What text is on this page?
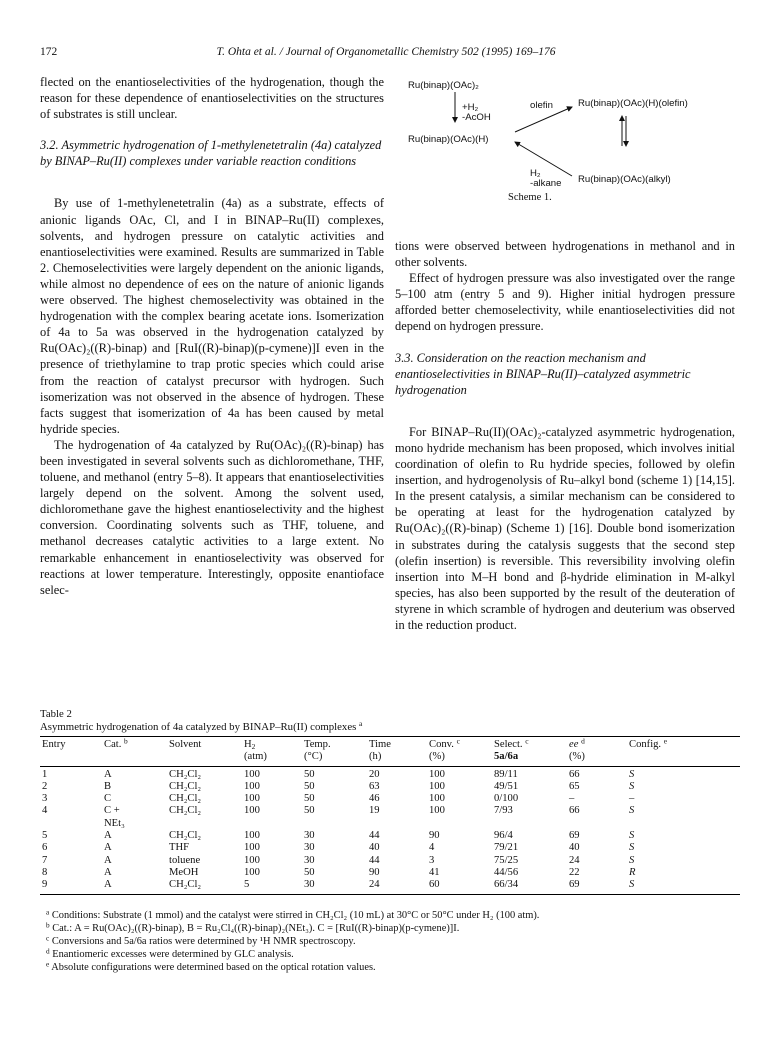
172	T. Ohta et al. / Journal of Organometallic Chemistry 502 (1995) 169–176

flected on the enantioselectivities of the hydrogenation, though the reason for these dependence of enantioselectivities on the structures of substrates is still unclear.

3.2. Asymmetric hydrogenation of 1-methylenetetralin (4a) catalyzed by BINAP–Ru(II) complexes under variable reaction conditions

By use of 1-methylenetetralin (4a) as a substrate, effects of anionic ligands OAc, Cl, and I in BINAP–Ru(II) complexes, solvents, and hydrogen pressure on catalytic activities and enantioselectivities were examined. Results are summarized in Table 2. Chemoselectivities were largely dependent on the anionic ligands, while almost no dependence of ees on the nature of anionic ligands were observed. The highest chemoselectivity was obtained in the hydrogenation with the complex bearing acetate ions. Isomerization of 4a to 5a was observed in the hydrogenation catalyzed by Ru(OAc)₂((R)-binap) and [RuI((R)-binap)(p-cymene)]I even in the presence of triethylamine to trap protic species which could arise from the reaction of catalyst precursor with hydrogen. Such isomerization was not observed in the absence of hydrogen. These facts suggest that isomerization of 4a has been caused by metal hydride species.

The hydrogenation of 4a catalyzed by Ru(OAc)₂((R)-binap) has been investigated in several solvents such as dichloromethane, THF, toluene, and methanol (entry 5–8). It appears that enantioselectivities largely depend on the solvent. Among the solvent used, dichloromethane gave the highest enantioselectivity and the highest conversion. Coordinating solvents such as THF, toluene, and methanol decreases catalytic activities to a large extent. No remarkable enhancement in enantioselectivity was observed for reactions at lower temperature. Interestingly, opposite enantioface selec-

Ru(binap)(OAc)₂
+H₂
-AcOH
Ru(binap)(OAc)(H)
olefin	Ru(binap)(OAc)(H)(olefin)
H₂
-alkane Ru(binap)(OAc)(alkyl)
Scheme 1.

tions were observed between hydrogenations in methanol and in other solvents.

Effect of hydrogen pressure was also investigated over the range 5–100 atm (entry 5 and 9). Higher initial hydrogen pressure afforded better chemoselectivity, while enantioselectivities did not depend on hydrogen pressure.

3.3. Consideration on the reaction mechanism and enantioselectivities in BINAP–Ru(II)–catalyzed asymmetric hydrogenation

For BINAP–Ru(II)(OAc)₂-catalyzed asymmetric hydrogenation, mono hydride mechanism has been proposed, which involves initial coordination of olefin to Ru hydride species, followed by olefin insertion, and hydrogenolysis of Ru–alkyl bond (scheme 1) [14,15]. In the present catalysis, a similar mechanism can be considered to be operating at least for the hydrogenation catalyzed by Ru(OAc)₂((R)-binap) (Scheme 1) [16]. Double bond isomerization in substrates during the catalysis suggests that the second step (olefin insertion) is reversible. This reversibility involving olefin insertion into M–H bond and β-hydride elimination in M-alkyl species, has also been supported by the result of the deuteration of styrene in which scramble of hydrogen and deuterium was observed in the reduction product.

Table 2
Asymmetric hydrogenation of 4a catalyzed by BINAP–Ru(II) complexes $^a$
Entry	Cat. $^b$	Solvent	$H_2$	Temp.	Time	Conv. $^c$	Select. $^c$	ee $^d$	Config. $^e$
			(atm)	(°C)	(h)	(%)	5a/6a	(%)	
1	A	CH₂Cl₂	100	50	20	100	89/11	66	S
2	B	CH₂Cl₂	100	50	63	100	49/51	65	S
3	C	CH₂Cl₂	100	50	46	100	0/100	–	–
4	C +	CH₂Cl₂	100	50	19	100	7/93	66	S
	NEt₃								
5	A	CH₂Cl₂	100	30	44	90	96/4	69	S
6	A	THF	100	30	40	4	79/21	40	S
7	A	toluene	100	30	44	3	75/25	24	S
8	A	MeOH	100	50	90	41	44/56	22	R
9	A	CH₂Cl₂	5	30	24	60	66/34	69	S
$^a$ Conditions: Substrate (1 mmol) and the catalyst were stirred in CH₂Cl₂ (10 mL) at 30°C or 50°C under H₂ (100 atm).
$^b$ Cat.: A = Ru(OAc)₂((R)-binap), B = Ru₂Cl₄((R)-binap)₂(NEt₃). C = [RuI((R)-binap)(p-cymene)]I.
$^c$ Conversions and 5a/6a ratios were determined by ¹H NMR spectroscopy.
$^d$ Enantiomeric excesses were determined by GLC analysis.
$^e$ Absolute configurations were determined based on the optical rotation values.
